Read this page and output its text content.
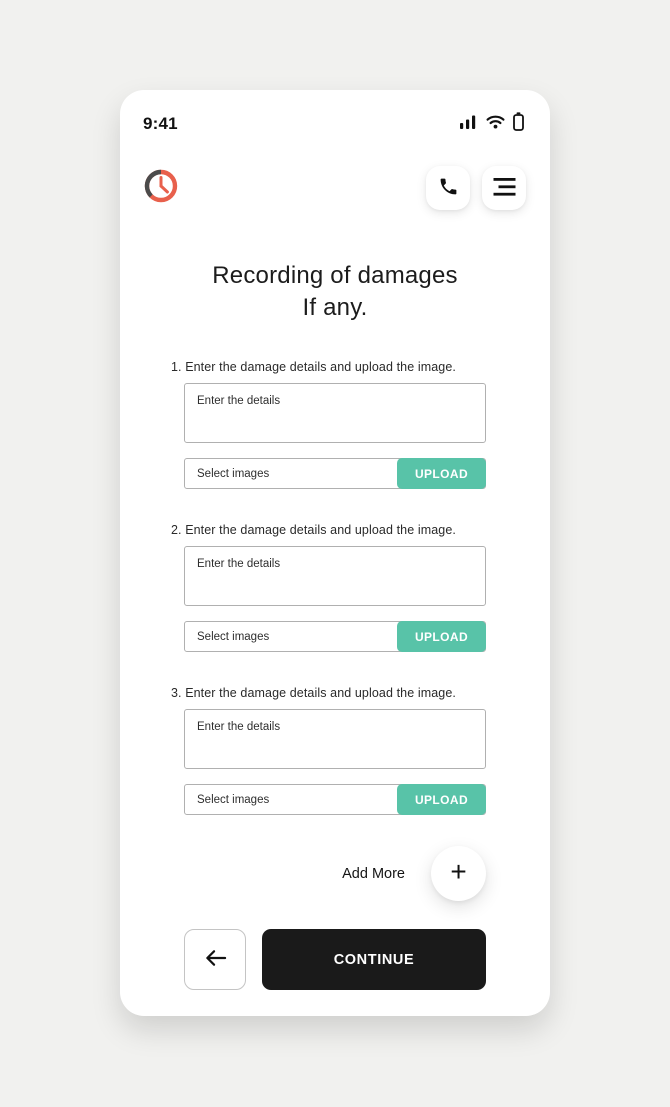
9:41
Recording of damages
If any.

1. Enter the damage details and upload the image.

Enter the details
Select images
UPLOAD

2. Enter the damage details and upload the image.

Enter the details
Select images
UPLOAD

3. Enter the damage details and upload the image.

Enter the details
Select images
UPLOAD
Add More +
CONTINUE
